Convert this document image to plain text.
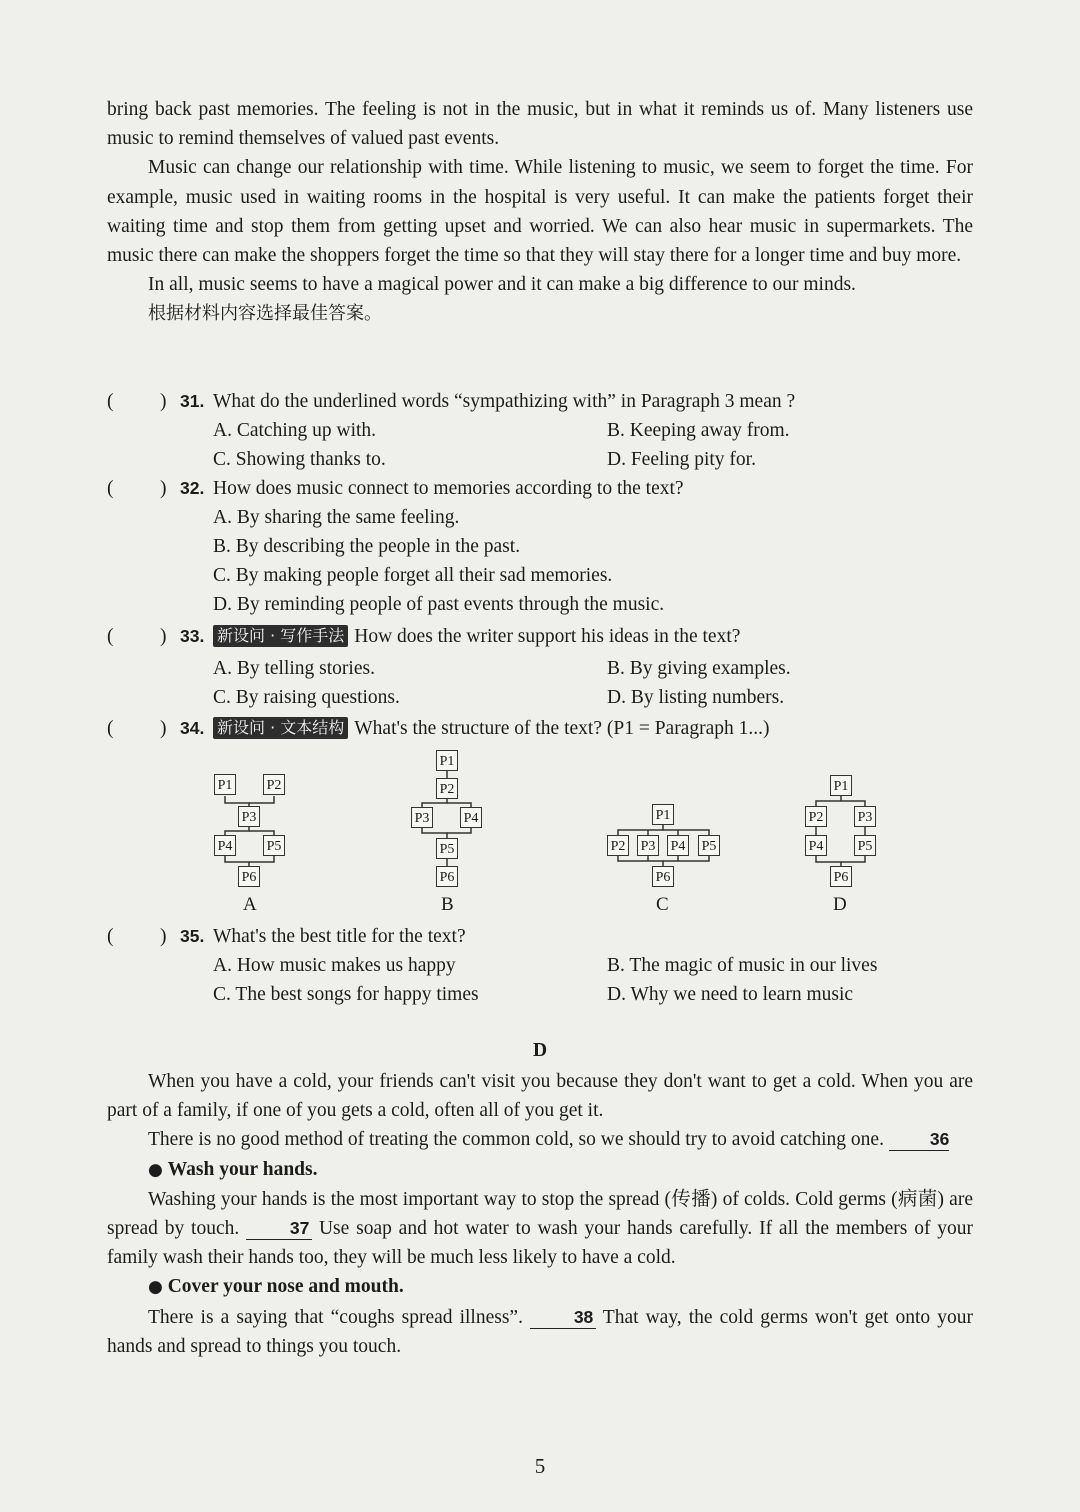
bring back past memories. The feeling is not in the music, but in what it reminds us of. Many listeners use music to remind themselves of valued past events.

Music can change our relationship with time. While listening to music, we seem to forget the time. For example, music used in waiting rooms in the hospital is very useful. It can make the patients forget their waiting time and stop them from getting upset and worried. We can also hear music in supermarkets. The music there can make the shoppers forget the time so that they will stay there for a longer time and buy more.

In all, music seems to have a magical power and it can make a big difference to our minds.

根据材料内容选择最佳答案。

( ) 31. What do the underlined words “sympathizing with” in Paragraph 3 mean ?
A. Catching up with.	B. Keeping away from.
C. Showing thanks to.	D. Feeling pity for.
( ) 32. How does music connect to memories according to the text?
A. By sharing the same feeling.
B. By describing the people in the past.
C. By making people forget all their sad memories.
D. By reminding people of past events through the music.
( ) 33. 新设问 · 写作手法 How does the writer support his ideas in the text?
A. By telling stories.	B. By giving examples.
C. By raising questions.	D. By listing numbers.
( ) 34. 新设问 · 文本结构 What's the structure of the text? (P1 = Paragraph 1...)
P1 P2
P3
P4 P5
P6
A
P1
P2
P3 P4
P5
P6
B
P1
P2 P3 P4 P5
P6
C
P1
P2 P3
P4 P5
P6
D
( ) 35. What's the best title for the text?
A. How music makes us happy	B. The magic of music in our lives
C. The best songs for happy times	D. Why we need to learn music
D

When you have a cold, your friends can't visit you because they don't want to get a cold. When you are part of a family, if one of you gets a cold, often all of you get it.

There is no good method of treating the common cold, so we should try to avoid catching one.	36

● Wash your hands.

Washing your hands is the most important way to stop the spread (传播) of colds. Cold germs (病菌) are spread by touch.	37 Use soap and hot water to wash your hands carefully. If all the members of your family wash their hands too, they will be much less likely to have a cold.

● Cover your nose and mouth.

There is a saying that “coughs spread illness”.	38 That way, the cold germs won't get onto your hands and spread to things you touch.

5
